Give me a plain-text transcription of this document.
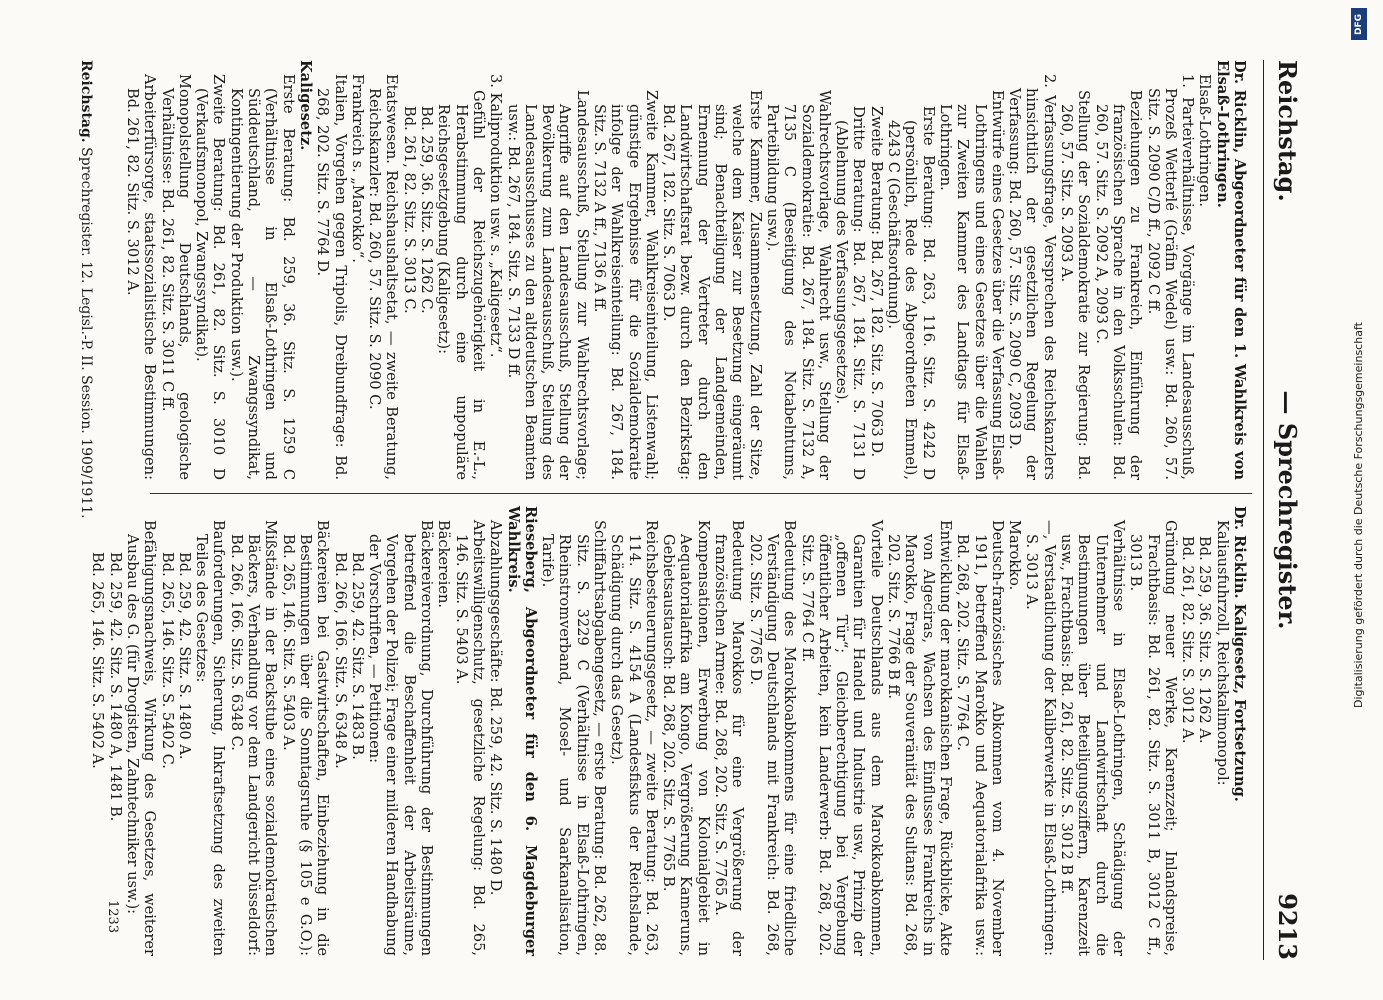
Reichstag.
— Sprechregister.
9213

Dr. Ricklin, Abgeordneter für den 1. Wahlkreis von Elsaß-Lothringen.

Elsaß-Lothringen.

1. Parteiverhältnisse, Vorgänge im Landesausschuß, Prozeß Wetterlé (Gräfin Wedel) usw.: Bd. 260, 57. Sitz. S. 2090 C/D ff., 2092 C ff.

Beziehungen zu Frankreich, Einführung der französischen Sprache in den Volksschulen: Bd. 260, 57. Sitz. S. 2092 A, 2093 C.

Stellung der Sozialdemokratie zur Regierung: Bd. 260, 57. Sitz. S. 2093 A.

2. Verfassungsfrage, Versprechen des Reichskanzlers hinsichtlich der gesetzlichen Regelung der Verfassung: Bd. 260, 57. Sitz. S. 2090 C, 2093 D.

Entwürfe eines Gesetzes über die Verfassung Elsaß-Lothringens und eines Gesetzes über die Wahlen zur Zweiten Kammer des Landtags für Elsaß-Lothringen.

Erste Beratung: Bd. 263, 116. Sitz. S. 4242 D (persönlich, Rede des Abgeordneten Emmel), 4243 C (Geschäftsordnung).

Zweite Beratung: Bd. 267, 182. Sitz. S. 7063 D.

Dritte Beratung: Bd. 267, 184. Sitz. S. 7131 D (Ablehnung des Verfassungsgesetzes).

Wahlrechtsvorlage, Wahlrecht usw., Stellung der Sozialdemokratie: Bd. 267, 184. Sitz. S. 7132 A, 7135 C (Beseitigung des Notabelntums, Parteibildung usw.).

Erste Kammer, Zusammensetzung, Zahl der Sitze, welche dem Kaiser zur Besetzung eingeräumt sind; Benachteiligung der Landgemeinden, Ernennung der Vertreter durch den Landwirtschaftsrat bezw. durch den Bezirkstag: Bd. 267, 182. Sitz. S. 7063 D.

Zweite Kammer, Wahlkreiseinteilung, Listenwahl; günstige Ergebnisse für die Sozialdemokratie infolge der Wahlkreiseinteilung: Bd. 267, 184. Sitz. S. 7132 A ff., 7136 A ff.

Landesausschuß, Stellung zur Wahlrechtsvorlage; Angriffe auf den Landesausschuß, Stellung der Bevölkerung zum Landesausschuß, Stellung des Landesausschusses zu den altdeutschen Beamten usw.: Bd. 267, 184. Sitz. S. 7133 D ff.

3. Kaliproduktion usw. s. „Kaligesetz“.

Gefühl der Reichszugehörigkeit in E.-L., Herabstimmung durch eine unpopuläre Reichsgesetzgebung (Kaligesetz):

Bd. 259, 36. Sitz. S. 1262 C.

Bd. 261, 82. Sitz. S. 3013 C.

Etatswesen. Reichshaushaltsetat, — zweite Beratung, Reichskanzler: Bd. 260, 57. Sitz. S. 2090 C.

Frankreich s. „Marokko“.

Italien, Vorgehen gegen Tripolis, Dreibundfrage: Bd. 268, 202. Sitz. S. 7764 D.

Kaligesetz.

Erste Beratung: Bd. 259, 36. Sitz. S. 1259 C (Verhältnisse in Elsaß-Lothringen und Süddeutschland, — Zwangssyndikat, Kontingentierung der Produktion usw.).

Zweite Beratung: Bd. 261, 82. Sitz. S. 3010 D (Verkaufsmonopol, Zwangssyndikat).

Monopolstellung Deutschlands, geologische Verhältnisse: Bd. 261, 82. Sitz. S. 3011 C ff.

Arbeiterfürsorge, staatssozialistische Bestimmungen: Bd. 261, 82. Sitz. S. 3012 A.

Dr. Ricklin. Kaligesetz, Fortsetzung.

Kaliausfuhrzoll, Reichskalimonopol:

Bd. 259, 36. Sitz. S. 1262 A.

Bd. 261, 82. Sitz. S. 3012 A.

Gründung neuer Werke, Karenzzeit; Inlandspreise, Frachtbasis: Bd. 261, 82. Sitz. S. 3011 B, 3012 C ff., 3013 B.

Verhältnisse in Elsaß-Lothringen, Schädigung der Unternehmer und Landwirtschaft durch die Bestimmungen über Beteiligungsziffern, Karenzzeit usw., Frachtbasis: Bd. 261, 82. Sitz. S. 3012 B ff.

—, Verstaatlichung der Kaliberwerke in Elsaß-Lothringen: S. 3013 A.

Marokko.

Deutsch-französisches Abkommen vom 4. November 1911, betreffend Marokko und Aequatorialafrika usw.: Bd. 268, 202. Sitz. S. 7764 C.

Entwicklung der marokkanischen Frage, Rückblicke, Akte von Algeciras, Wachsen des Einflusses Frankreichs in Marokko, Frage der Souveränität des Sultans: Bd. 268, 202. Sitz. S. 7766 B ff.

Vorteile Deutschlands aus dem Marokkoabkommen, Garantien für Handel und Industrie usw., Prinzip der „offenen Tür“; Gleichberechtigung bei Vergebung öffentlicher Arbeiten, kein Landerwerb: Bd. 268, 202. Sitz. S. 7764 C ff.

Bedeutung des Marokkoabkommens für eine friedliche Verständigung Deutschlands mit Frankreich: Bd. 268, 202. Sitz. S. 7765 D.

Bedeutung Marokkos für eine Vergrößerung der französischen Armee: Bd. 268, 202. Sitz. S. 7765 A.

Kompensationen, Erwerbung von Kolonialgebiet in Aequatorialafrika am Kongo, Vergrößerung Kameruns, Gebietsaustausch: Bd. 268, 202. Sitz. S. 7765 B.

Reichsbesteuerungsgesetz, — zweite Beratung: Bd. 263, 114. Sitz. S. 4154 A (Landesfiskus der Reichslande, Schädigung durch das Gesetz).

Schiffahrtsabgabengesetz, — erste Beratung: Bd. 262, 88. Sitz. S. 3229 C (Verhältnisse in Elsaß-Lothringen, Rheinstromverband, Mosel- und Saarkanalisation, Tarife).

Rieseberg, Abgeordneter für den 6. Magdeburger Wahlkreis.

Abzahlungsgeschäfte: Bd. 259, 42. Sitz. S. 1480 D.

Arbeitswilligenschutz, gesetzliche Regelung: Bd. 265, 146. Sitz. S. 5403 A.

Bäckereien.

Bäckereiverordnung, Durchführung der Bestimmungen betreffend die Beschaffenheit der Arbeitsräume, Vorgehen der Polizei; Frage einer milderen Handhabung der Vorschriften, — Petitionen:

Bd. 259, 42. Sitz. S. 1483 B.

Bd. 266, 166. Sitz. S. 6348 A.

Bäckereien bei Gastwirtschaften, Einbeziehung in die Bestimmungen über die Sonntagsruhe (§ 105 e G.O.): Bd. 265, 146. Sitz. S. 5403 A.

Mißstände in der Backstube eines sozialdemokratischen Bäckers, Verhandlung vor dem Landgericht Düsseldorf: Bd. 266, 166. Sitz. S. 6348 C.

Bauforderungen, Sicherung, Inkraftsetzung des zweiten Teiles des Gesetzes:

Bd. 259, 42. Sitz. S. 1480 A.

Bd. 265, 146. Sitz. S. 5402 C.

Befähigungsnachweis, Wirkung des Gesetzes, weiterer Ausbau des G. (für Drogisten, Zahntechniker usw.):

Bd. 259, 42. Sitz. S. 1480 A, 1481 B.

Bd. 265, 146. Sitz. S. 5402 A.

1233
Reichstag. Sprechregister. 12. Legisl.-P. II. Session. 1909/1911.
DFG
Digitalisierung gefördert durch die Deutsche Forschungsgemeinschaft
